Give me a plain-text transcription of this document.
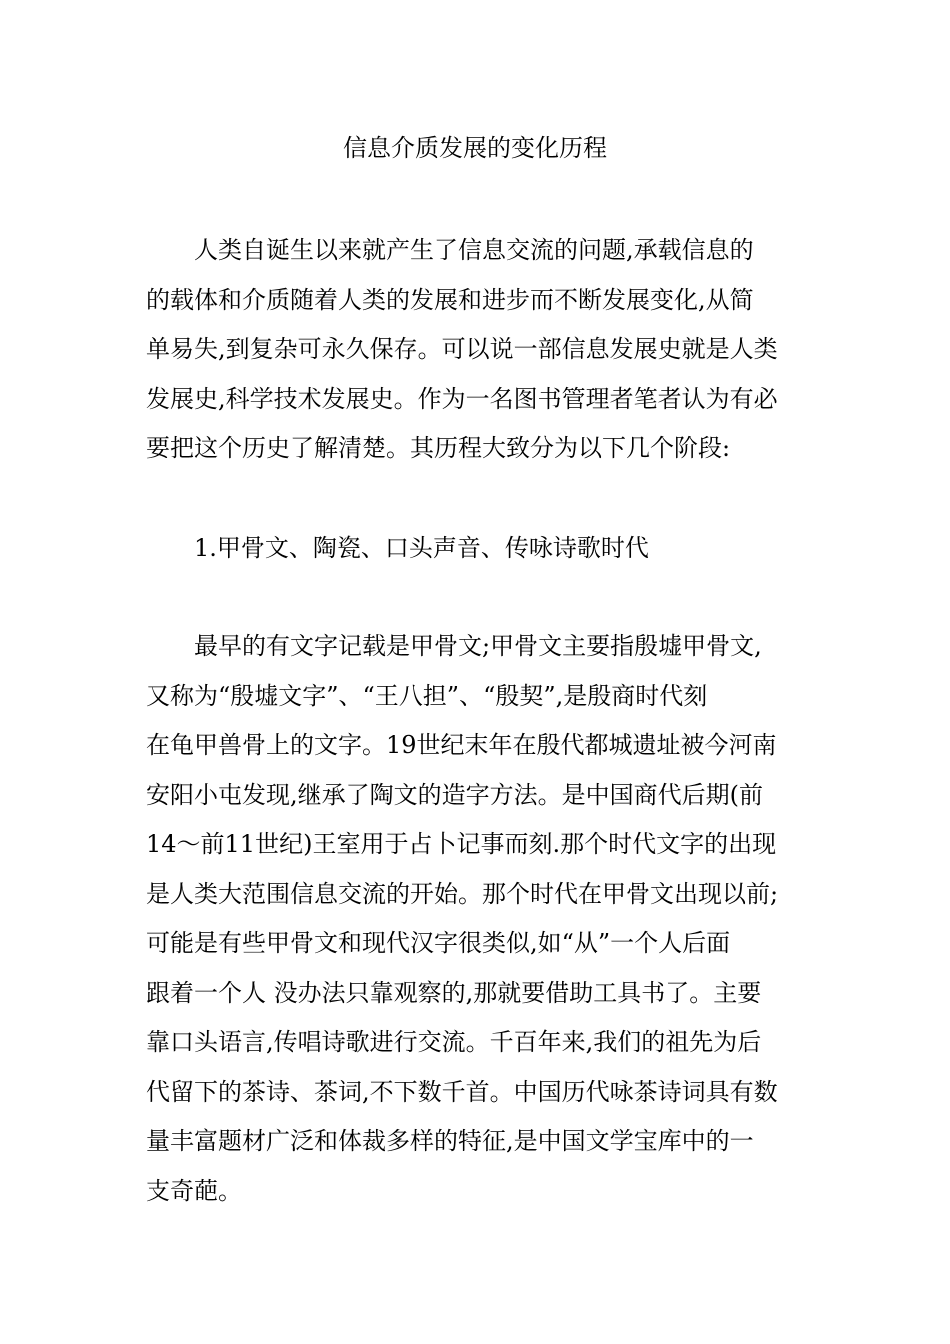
信息介质发展的变化历程
　　人类自诞生以来就产生了信息交流的问题,承载信息的
的载体和介质随着人类的发展和进步而不断发展变化,从简
单易失,到复杂可永久保存。可以说一部信息发展史就是人类
发展史,科学技术发展史。作为一名图书管理者笔者认为有必
要把这个历史了解清楚。其历程大致分为以下几个阶段:
　　1.甲骨文、陶瓷、口头声音、传咏诗歌时代
　　最早的有文字记载是甲骨文;甲骨文主要指殷墟甲骨文,
又称为“殷墟文字”、“王八担”、“殷契”,是殷商时代刻
在龟甲兽骨上的文字。19世纪末年在殷代都城遗址被今河南
安阳小屯发现,继承了陶文的造字方法。是中国商代后期(前
14～前11世纪)王室用于占卜记事而刻.那个时代文字的出现
是人类大范围信息交流的开始。那个时代在甲骨文出现以前;
可能是有些甲骨文和现代汉字很类似,如“从”一个人后面
跟着一个人 没办法只靠观察的,那就要借助工具书了。主要
靠口头语言,传唱诗歌进行交流。千百年来,我们的祖先为后
代留下的茶诗、茶词,不下数千首。中国历代咏茶诗词具有数
量丰富题材广泛和体裁多样的特征,是中国文学宝库中的一
支奇葩。
